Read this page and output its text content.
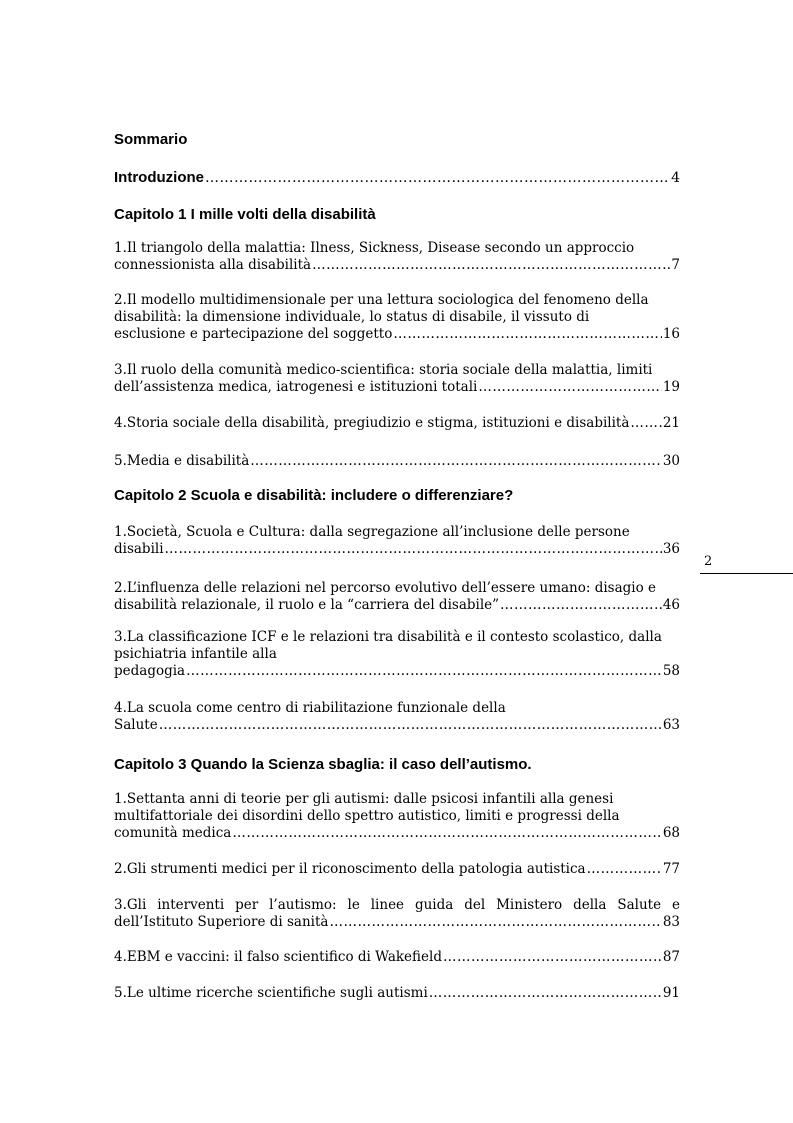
Sommario
Introduzione ……………………………………………………………………………………………………………………………………………………………………………	4
Capitolo 1 I mille volti della disabilità
1.Il triangolo della malattia: Ilness, Sickness, Disease secondo un approccio
connessionista alla disabilità ……………………………………………………………………………………………………………………………………………………………………………	7
2.Il modello multidimensionale per una lettura sociologica del fenomeno della
disabilità: la dimensione individuale, lo status di disabile, il vissuto di
esclusione e partecipazione del soggetto ……………………………………………………………………………………………………………………………………………………………………………	16
3.Il ruolo della comunità medico-scientifica: storia sociale della malattia, limiti
dell’assistenza medica, iatrogenesi e istituzioni totali ……………………………………………………………………………………………………………………………………………………………………………	19
4.Storia sociale della disabilità, pregiudizio e stigma, istituzioni e disabilità …………………………………………………………………………………………………………………………………………………………………………… 21
5.Media e disabilità ……………………………………………………………………………………………………………………………………………………………………………	30
Capitolo 2 Scuola e disabilità: includere o differenziare?
1.Società, Scuola e Cultura: dalla segregazione all’inclusione delle persone
disabili ……………………………………………………………………………………………………………………………………………………………………………	36
2.L’influenza delle relazioni nel percorso evolutivo dell’essere umano: disagio e
disabilità relazionale, il ruolo e la “carriera del disabile” ……………………………………………………………………………………………………………………………………………………………………………	46
3.La classificazione ICF e le relazioni tra disabilità e il contesto scolastico, dalla
psichiatria infantile alla
pedagogia ……………………………………………………………………………………………………………………………………………………………………………	58
4.La scuola come centro di riabilitazione funzionale della
Salute ……………………………………………………………………………………………………………………………………………………………………………	63
Capitolo 3 Quando la Scienza sbaglia: il caso dell’autismo.
1.Settanta anni di teorie per gli autismi: dalle psicosi infantili alla genesi
multifattoriale dei disordini dello spettro autistico, limiti e progressi della
comunità medica ……………………………………………………………………………………………………………………………………………………………………………	68
2.Gli strumenti medici per il riconoscimento della patologia autistica ……………………………………………………………………………………………………………………………………………………………………………	77
3.Gli interventi per l’autismo: le linee guida del Ministero della Salute e
dell’Istituto Superiore di sanità ……………………………………………………………………………………………………………………………………………………………………………	83
4.EBM e vaccini: il falso scientifico di Wakefield ……………………………………………………………………………………………………………………………………………………………………………	87
5.Le ultime ricerche scientifiche sugli autismi ……………………………………………………………………………………………………………………………………………………………………………	91
2
